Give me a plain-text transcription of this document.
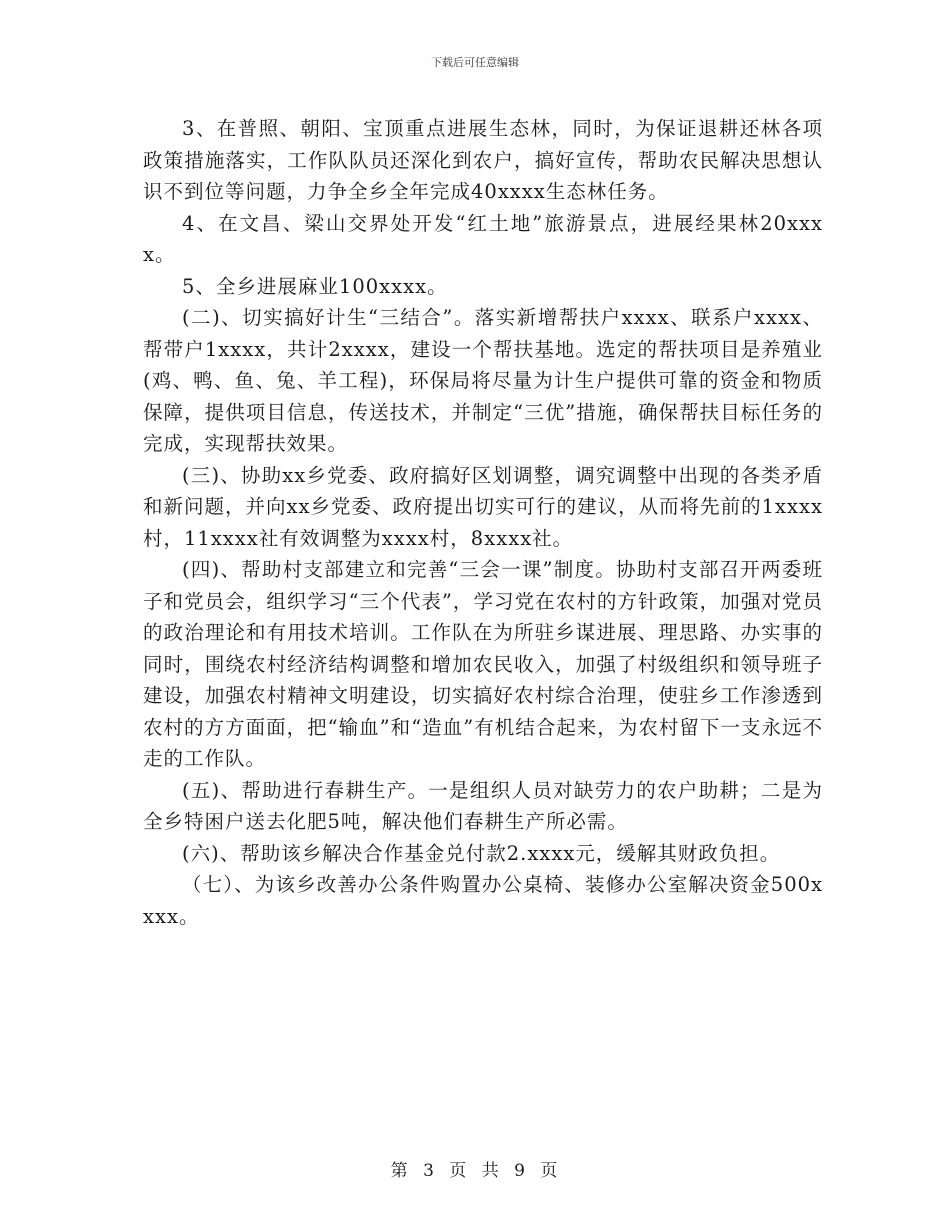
下载后可任意编辑

3、在普照、朝阳、宝顶重点进展生态林，同时，为保证退耕还林各项政策措施落实，工作队队员还深化到农户，搞好宣传，帮助农民解决思想认识不到位等问题，力争全乡全年完成40xxxx生态林任务。

4、在文昌、梁山交界处开发“红土地”旅游景点，进展经果林20xxxx。

5、全乡进展麻业100xxxx。

(二)、切实搞好计生“三结合”。落实新增帮扶户xxxx、联系户xxxx、帮带户1xxxx，共计2xxxx，建设一个帮扶基地。选定的帮扶项目是养殖业(鸡、鸭、鱼、兔、羊工程)，环保局将尽量为计生户提供可靠的资金和物质保障，提供项目信息，传送技术，并制定“三优”措施，确保帮扶目标任务的完成，实现帮扶效果。

(三)、协助xx乡党委、政府搞好区划调整，调究调整中出现的各类矛盾和新问题，并向xx乡党委、政府提出切实可行的建议，从而将先前的1xxxx村，11xxxx社有效调整为xxxx村，8xxxx社。

(四)、帮助村支部建立和完善“三会一课”制度。协助村支部召开两委班子和党员会，组织学习“三个代表”，学习党在农村的方针政策，加强对党员的政治理论和有用技术培训。工作队在为所驻乡谋进展、理思路、办实事的同时，围绕农村经济结构调整和增加农民收入，加强了村级组织和领导班子建设，加强农村精神文明建设，切实搞好农村综合治理，使驻乡工作渗透到农村的方方面面，把“输血”和“造血”有机结合起来，为农村留下一支永远不走的工作队。

(五)、帮助进行春耕生产。一是组织人员对缺劳力的农户助耕；二是为全乡特困户送去化肥5吨，解决他们春耕生产所必需。

(六)、帮助该乡解决合作基金兑付款2.xxxx元，缓解其财政负担。

（七）、为该乡改善办公条件购置办公桌椅、装修办公室解决资金500xxxx。

第 3 页 共 9 页
